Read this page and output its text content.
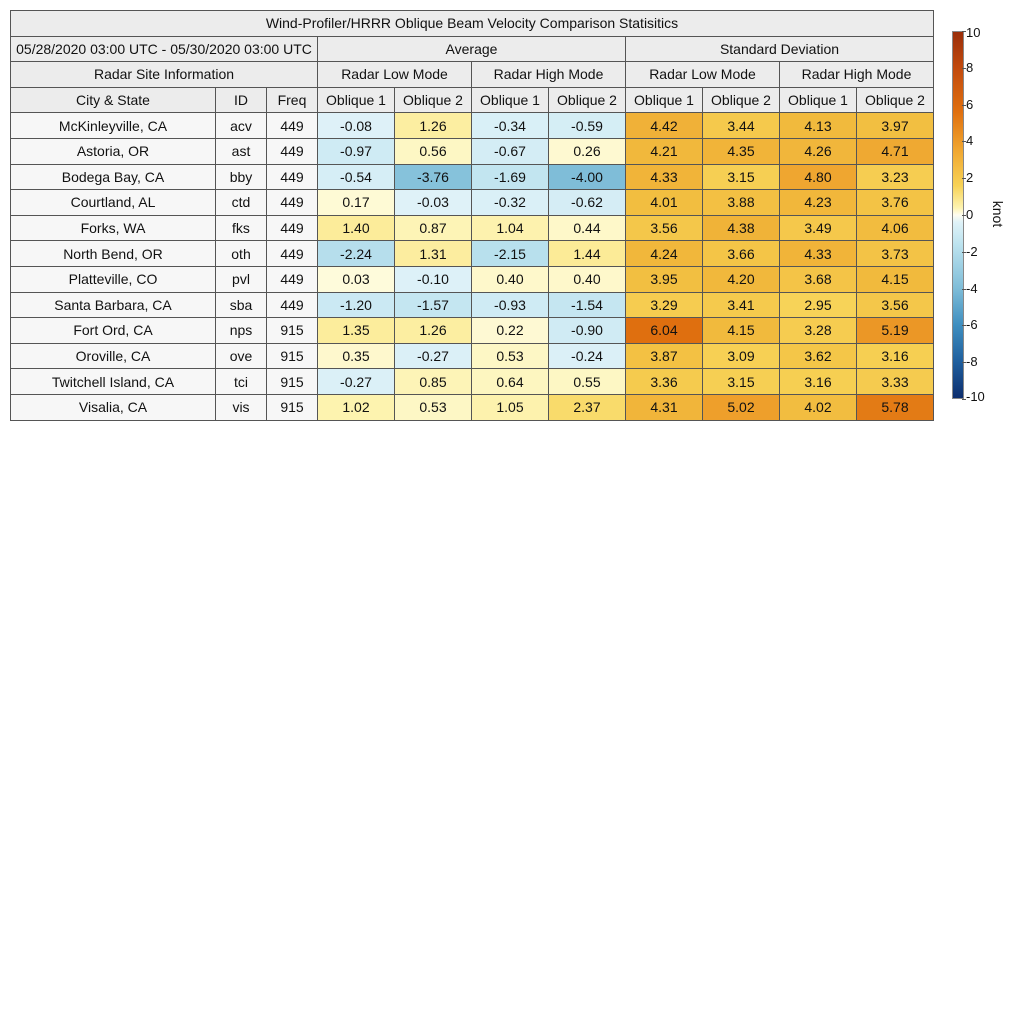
Wind-Profiler/HRRR Oblique Beam Velocity Comparison Statisitics										
05/28/2020 03:00 UTC - 05/30/2020 03:00 UTC			Average				Standard Deviation			
Radar Site Information			Radar Low Mode		Radar High Mode		Radar Low Mode		Radar High Mode	
City & State	ID	Freq	Oblique 1	Oblique 2	Oblique 1	Oblique 2	Oblique 1	Oblique 2	Oblique 1	Oblique 2
McKinleyville, CA	acv	449	-0.08	1.26	-0.34	-0.59	4.42	3.44	4.13	3.97
Astoria, OR	ast	449	-0.97	0.56	-0.67	0.26	4.21	4.35	4.26	4.71
Bodega Bay, CA	bby	449	-0.54	-3.76	-1.69	-4.00	4.33	3.15	4.80	3.23
Courtland, AL	ctd	449	0.17	-0.03	-0.32	-0.62	4.01	3.88	4.23	3.76
Forks, WA	fks	449	1.40	0.87	1.04	0.44	3.56	4.38	3.49	4.06
North Bend, OR	oth	449	-2.24	1.31	-2.15	1.44	4.24	3.66	4.33	3.73
Platteville, CO	pvl	449	0.03	-0.10	0.40	0.40	3.95	4.20	3.68	4.15
Santa Barbara, CA	sba	449	-1.20	-1.57	-0.93	-1.54	3.29	3.41	2.95	3.56
Fort Ord, CA	nps	915	1.35	1.26	0.22	-0.90	6.04	4.15	3.28	5.19
Oroville, CA	ove	915	0.35	-0.27	0.53	-0.24	3.87	3.09	3.62	3.16
Twitchell Island, CA	tci	915	-0.27	0.85	0.64	0.55	3.36	3.15	3.16	3.33
Visalia, CA	vis	915	1.02	0.53	1.05	2.37	4.31	5.02	4.02	5.78
10
8
6
4
2
0
-2
-4
-6
-8
-10
knot
